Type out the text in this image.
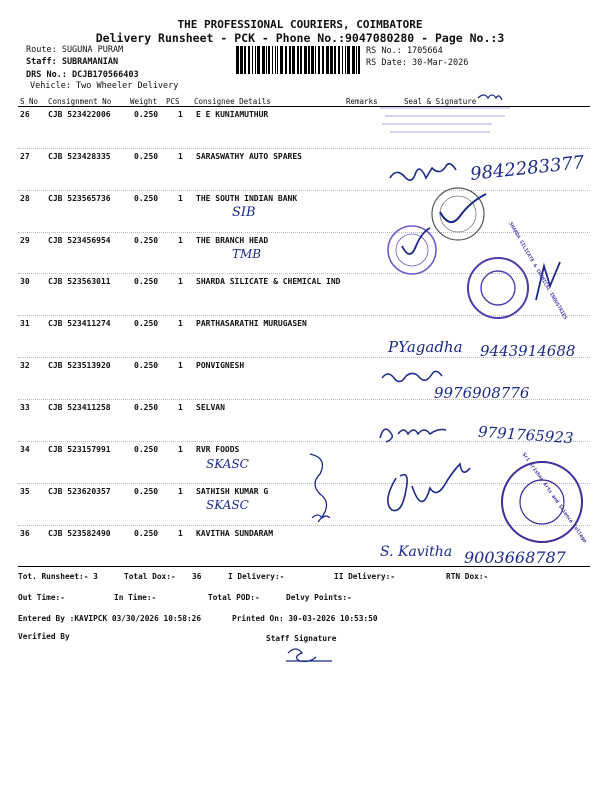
THE PROFESSIONAL COURIERS, COIMBATORE
Delivery Runsheet - PCK - Phone No.:9047080280 - Page No.:3
Route: SUGUNA PURAM
Staff: SUBRAMANIAN
DRS No.: DCJB170566403
Vehicle: Two Wheeler Delivery
RS No.: 1705664
RS Date: 30-Mar-2026
S No Consignment No	Weight PCS Consignee Details	Remarks	Seal & Signature
26 CJB 523422006	0.250 1 E E KUNIAMUTHUR
27 CJB 523428335	0.250 1 SARASWATHY AUTO SPARES
28 CJB 523565736	0.250 1 THE SOUTH INDIAN BANK
29 CJB 523456954	0.250 1 THE BRANCH HEAD
30 CJB 523563011	0.250 1 SHARDA SILICATE & CHEMICAL IND
31 CJB 523411274	0.250 1 PARTHASARATHI MURUGASEN
32 CJB 523513920	0.250 1 PONVIGNESH
33 CJB 523411258	0.250 1 SELVAN
34 CJB 523157991	0.250 1 RVR FOODS
35 CJB 523620357	0.250 1 SATHISH KUMAR G
36 CJB 523582490	0.250 1 KAVITHA SUNDARAM
SIB
TMB
9842283377
PYagadha 9443914688
9976908776
9791765923
SKASC
SKASC
S. Kavitha 9003668787
SHARDA SILICATE & CHEMICAL INDUSTRIES
Sri Krishna Arts and Science College
Tot. Runsheet:- 3	Total Dox:- 36	I Delivery:-	II Delivery:-	RTN Dox:-
Out Time:-	In Time:-	Total POD:-	Delvy Points:-
Entered By :KAVIPCK 03/30/2026 10:58:26	Printed On: 30-03-2026 10:53:50
Verified By	Staff Signature
